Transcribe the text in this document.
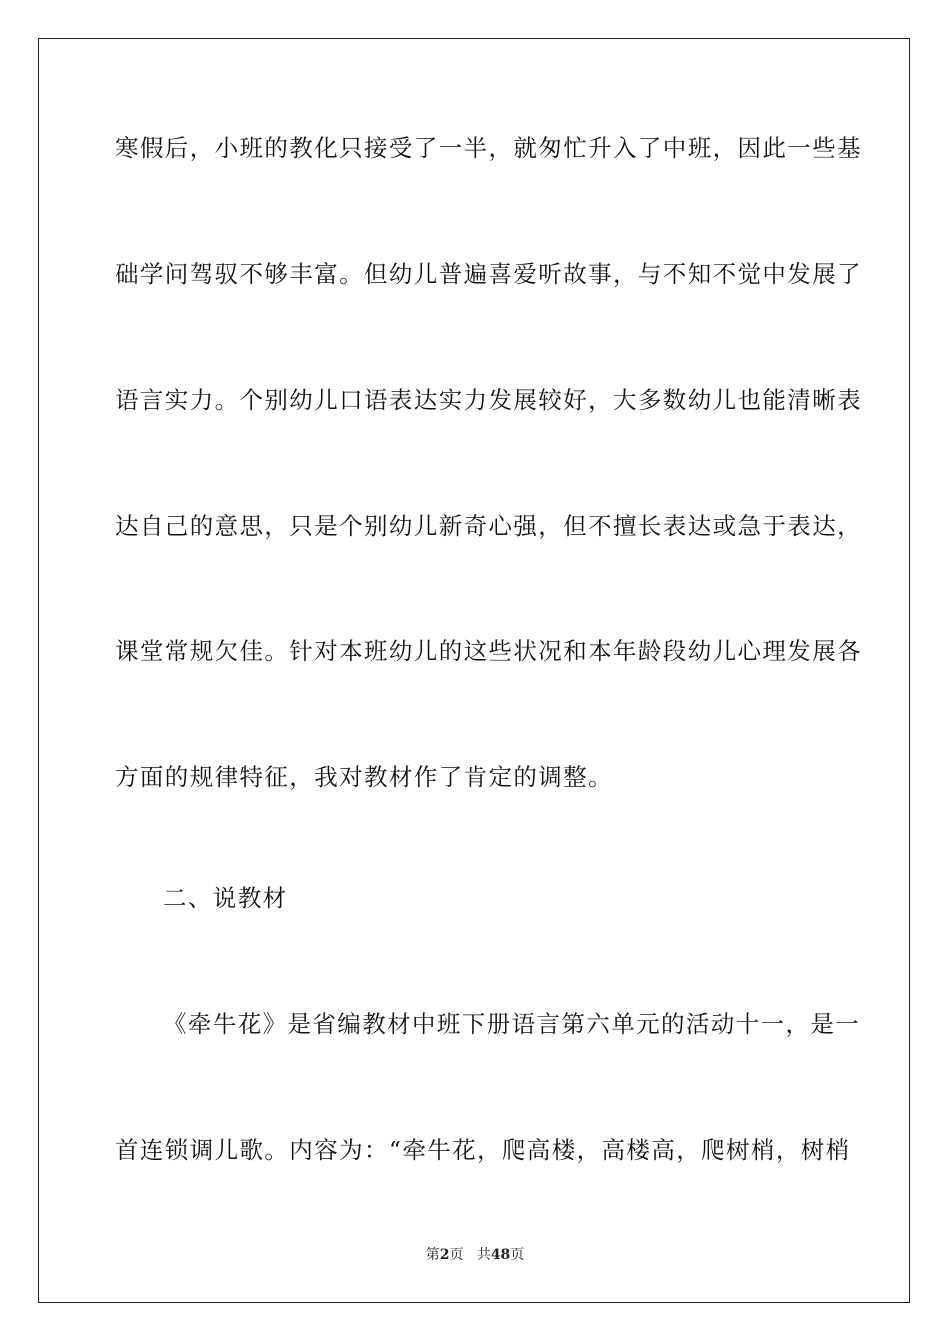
寒假后，小班的教化只接受了一半，就匆忙升入了中班，因此一些基
础学问驾驭不够丰富。但幼儿普遍喜爱听故事，与不知不觉中发展了
语言实力。个别幼儿口语表达实力发展较好，大多数幼儿也能清晰表
达自己的意思，只是个别幼儿新奇心强，但不擅长表达或急于表达，
课堂常规欠佳。针对本班幼儿的这些状况和本年龄段幼儿心理发展各
方面的规律特征，我对教材作了肯定的调整。
二、说教材
《牵牛花》是省编教材中班下册语言第六单元的活动十一，是一
首连锁调儿歌。内容为：“牵牛花，爬高楼，高楼高，爬树梢，树梢
第2页 共48页
